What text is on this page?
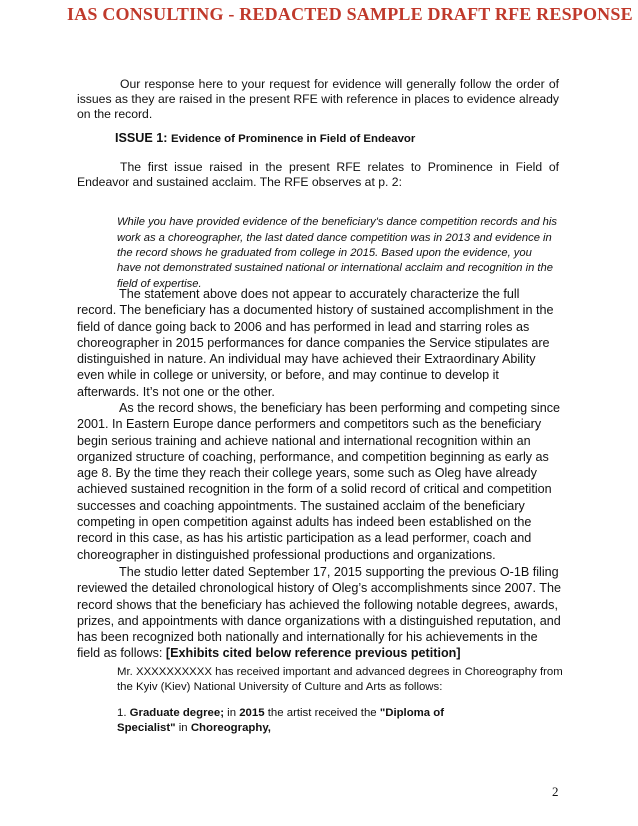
IAS CONSULTING - REDACTED SAMPLE DRAFT RFE RESPONSE

Our response here to your request for evidence will generally follow the order of issues as they are raised in the present RFE with reference in places to evidence already on the record.

ISSUE 1: Evidence of Prominence in Field of Endeavor

The first issue raised in the present RFE relates to Prominence in Field of Endeavor and sustained acclaim. The RFE observes at p. 2:

While you have provided evidence of the beneficiary's dance competition records and his work as a choreographer, the last dated dance competition was in 2013 and evidence in the record shows he graduated from college in 2015. Based upon the evidence, you have not demonstrated sustained national or international acclaim and recognition in the field of expertise.

The statement above does not appear to accurately characterize the full record. The beneficiary has a documented history of sustained accomplishment in the field of dance going back to 2006 and has performed in lead and starring roles as choreographer in 2015 performances for dance companies the Service stipulates are distinguished in nature. An individual may have achieved their Extraordinary Ability even while in college or university, or before, and may continue to develop it afterwards. It’s not one or the other.

As the record shows, the beneficiary has been performing and competing since 2001. In Eastern Europe dance performers and competitors such as the beneficiary begin serious training and achieve national and international recognition within an organized structure of coaching, performance, and competition beginning as early as age 8. By the time they reach their college years, some such as Oleg have already achieved sustained recognition in the form of a solid record of critical and competition successes and coaching appointments. The sustained acclaim of the beneficiary competing in open competition against adults has indeed been established on the record in this case, as has his artistic participation as a lead performer, coach and choreographer in distinguished professional productions and organizations.

The studio letter dated September 17, 2015 supporting the previous O-1B filing reviewed the detailed chronological history of Oleg’s accomplishments since 2007. The record shows that the beneficiary has achieved the following notable degrees, awards, prizes, and appointments with dance organizations with a distinguished reputation, and has been recognized both nationally and internationally for his achievements in the field as follows: [Exhibits cited below reference previous petition]

Mr. XXXXXXXXXX has received important and advanced degrees in Choreography from the Kyiv (Kiev) National University of Culture and Arts as follows:

1. Graduate degree; in 2015 the artist received the "Diploma of Specialist" in Choreography,

2
